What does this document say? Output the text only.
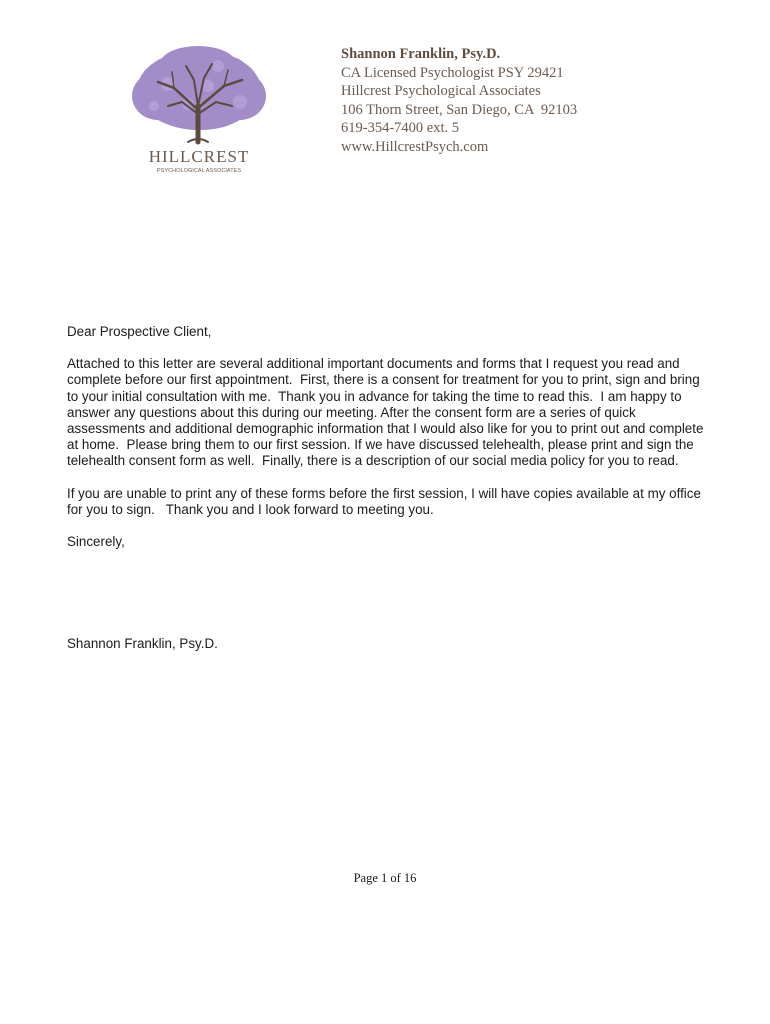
HILLCREST
PSYCHOLOGICAL ASSOCIATES
Shannon Franklin, Psy.D.
CA Licensed Psychologist PSY 29421
Hillcrest Psychological Associates
106 Thorn Street, San Diego, CA  92103
619-354-7400 ext. 5
www.HillcrestPsych.com

Dear Prospective Client,

Attached to this letter are several additional important documents and forms that I request you read and complete before our first appointment.  First, there is a consent for treatment for you to print, sign and bring to your initial consultation with me.  Thank you in advance for taking the time to read this.  I am happy to answer any questions about this during our meeting. After the consent form are a series of quick assessments and additional demographic information that I would also like for you to print out and complete at home.  Please bring them to our first session. If we have discussed telehealth, please print and sign the telehealth consent form as well.  Finally, there is a description of our social media policy for you to read.

If you are unable to print any of these forms before the first session, I will have copies available at my office for you to sign.   Thank you and I look forward to meeting you.

Sincerely,

Shannon Franklin, Psy.D.
Page 1 of 16
